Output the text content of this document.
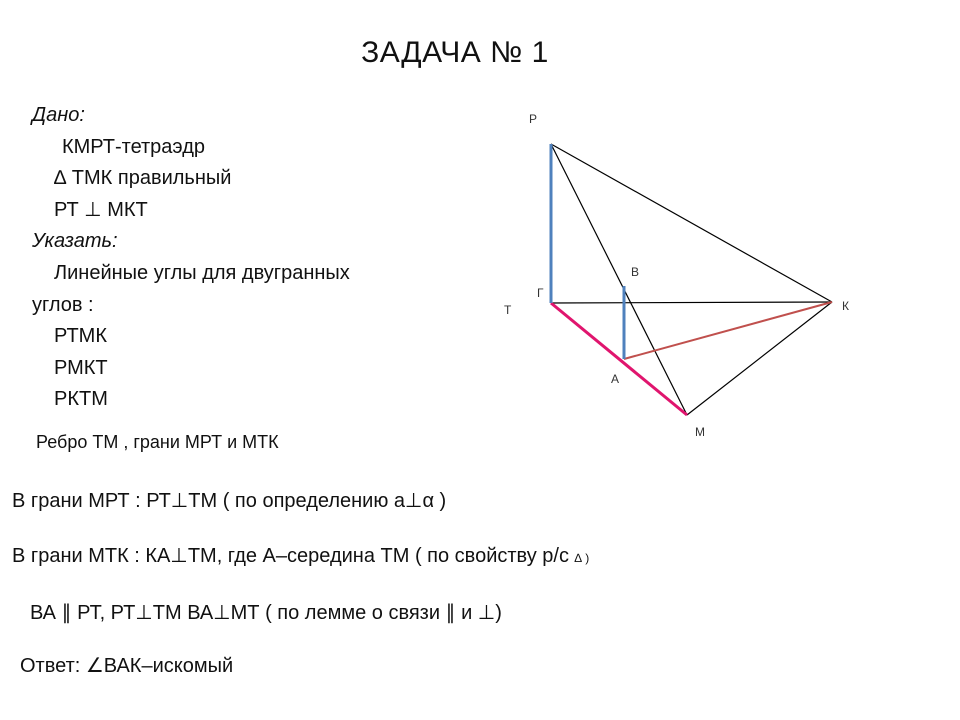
ЗАДАЧА № 1
Дано:
КМРТ-тетраэдр
∆ ТМК правильный
РТ ⊥ МКТ
Указать:
Линейные углы для двугранных
углов :
РТМК
РМКТ
РКТМ
Ребро ТМ , грани МРТ и МТК
В грани МРТ : РТ⊥ТМ ( по определению а⊥α )
В грани МТК : КА⊥ТМ, где А–середина ТМ ( по свойству р/с ∆ )
ВА ∥ РТ, РТ⊥ТМ ВА⊥МТ ( по лемме о связи ∥ и ⊥)
Ответ: ∠ВАК–искомый
Р
Т
Г
В
К
А
М
